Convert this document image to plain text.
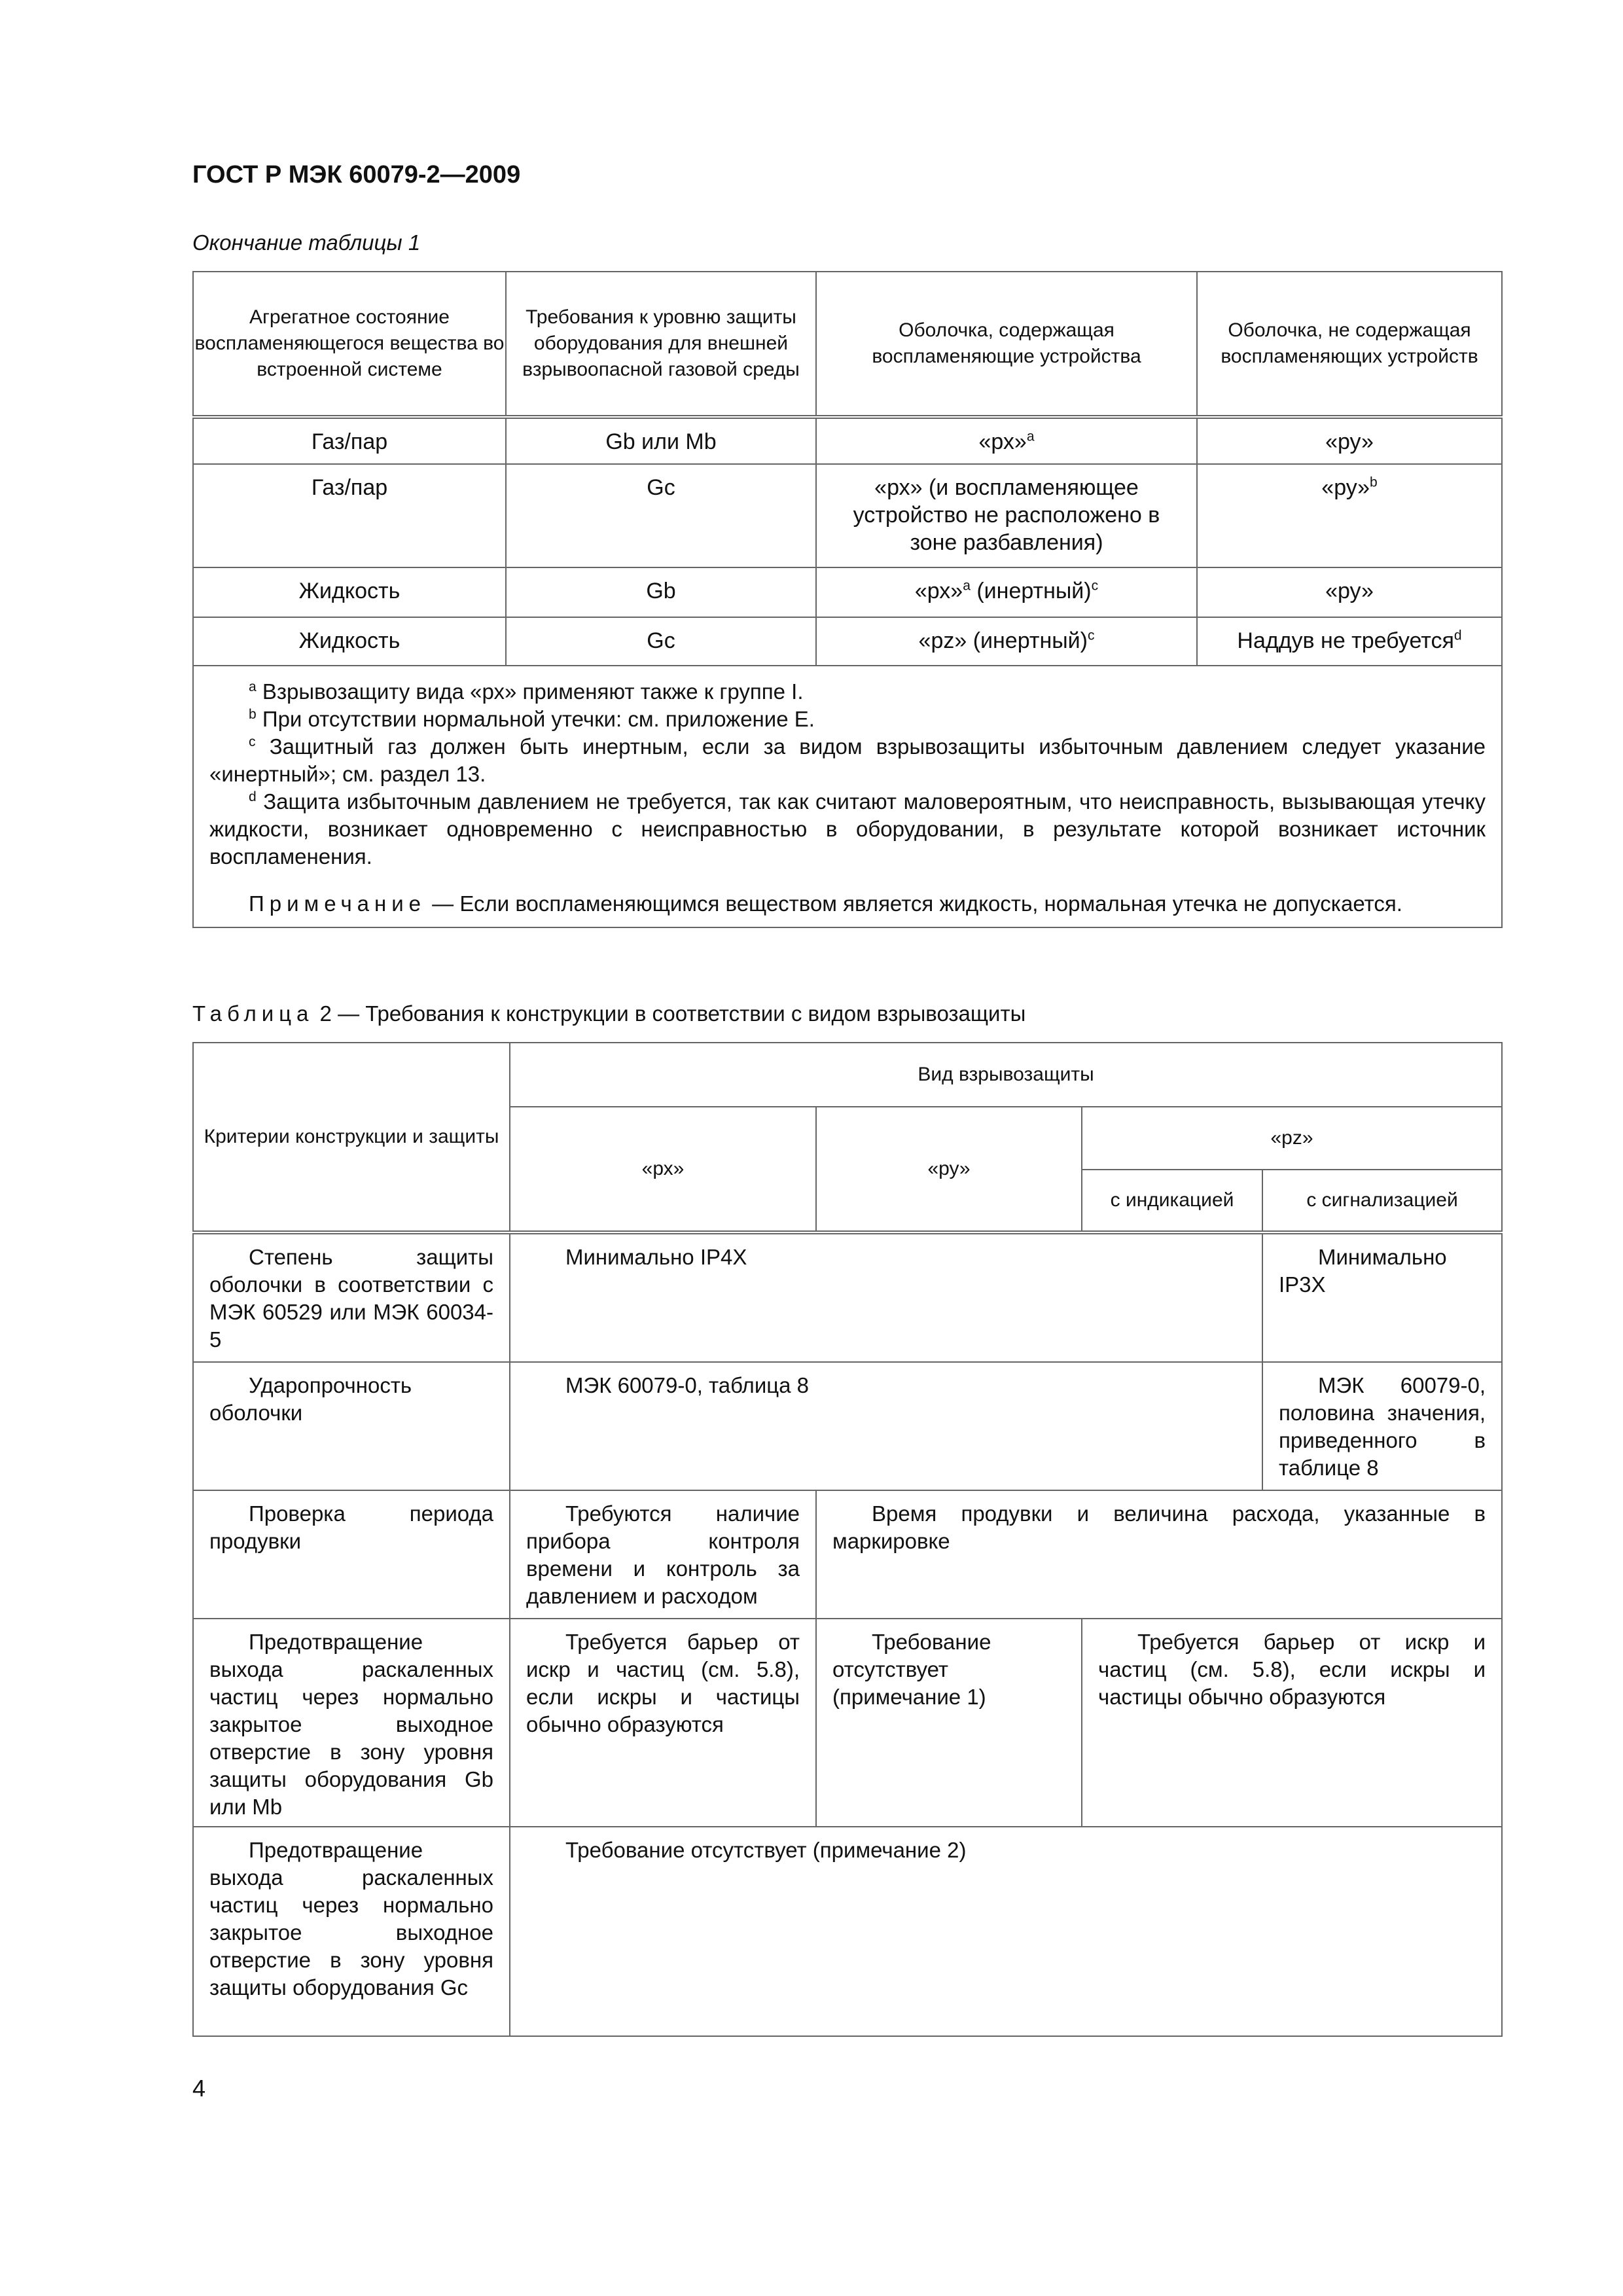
ГОСТ Р МЭК 60079-2—2009
Окончание таблицы 1
Агрегатное состояние воспламеняющегося вещества во встроенной системе	Требования к уровню защиты оборудования для внешней взрывоопасной газовой среды	Оболочка, содержащая воспламеняющие устройства	Оболочка, не содержащая воспламеняющих устройств
Газ/пар	Gb или Mb	«рх»$^a$	«ру»
Газ/пар	Gc	«рх» (и воспламеняющее устройство не расположено в зоне разбавления)	«ру»$^b$
Жидкость	Gb	«рх»$^a$ (инертный)$^c$	«ру»
Жидкость	Gc	«pz» (инертный)$^c$	Наддув не требуется$^d$

$^a$ Взрывозащиту вида «рх» применяют также к группе I.

$^b$ При отсутствии нормальной утечки: см. приложение Е.

$^c$ Защитный газ должен быть инертным, если за видом взрывозащиты избыточным давлением следует указание «инертный»; см. раздел 13.

$^d$ Защита избыточным давлением не требуется, так как считают маловероятным, что неисправность, вызывающая утечку жидкости, возникает одновременно с неисправностью в оборудовании, в результате которой возникает источник воспламенения.

Примечание — Если воспламеняющимся веществом является жидкость, нормальная утечка не допускается.			

Таблица 2 — Требования к конструкции в соответствии с видом взрывозащиты
Критерии конструкции и защиты	Вид взрывозащиты			
	«рх»	«ру»	«pz»	
			с индикацией	с сигнализацией
Степень защиты оболочки в соответствии с МЭК 60529 или МЭК 60034-5	Минимально IP4X			Минимально IP3X
Ударопрочность оболочки	МЭК 60079-0, таблица 8			МЭК 60079-0, половина значения, приведенного в таблице 8
Проверка периода продувки	Требуются наличие прибора контроля времени и контроль за давлением и расходом	Время продувки и величина расхода, указанные в маркировке		
Предотвращение выхода раскаленных частиц через нормально закрытое выходное отверстие в зону уровня защиты оборудования Gb или Mb	Требуется барьер от искр и частиц (см. 5.8), если искры и частицы обычно образуются	Требование отсутствует (примечание 1)	Требуется барьер от искр и частиц (см. 5.8), если искры и частицы обычно образуются	
Предотвращение выхода раскаленных частиц через нормально закрытое выходное отверстие в зону уровня защиты оборудования Gc	Требование отсутствует (примечание 2)			
4
